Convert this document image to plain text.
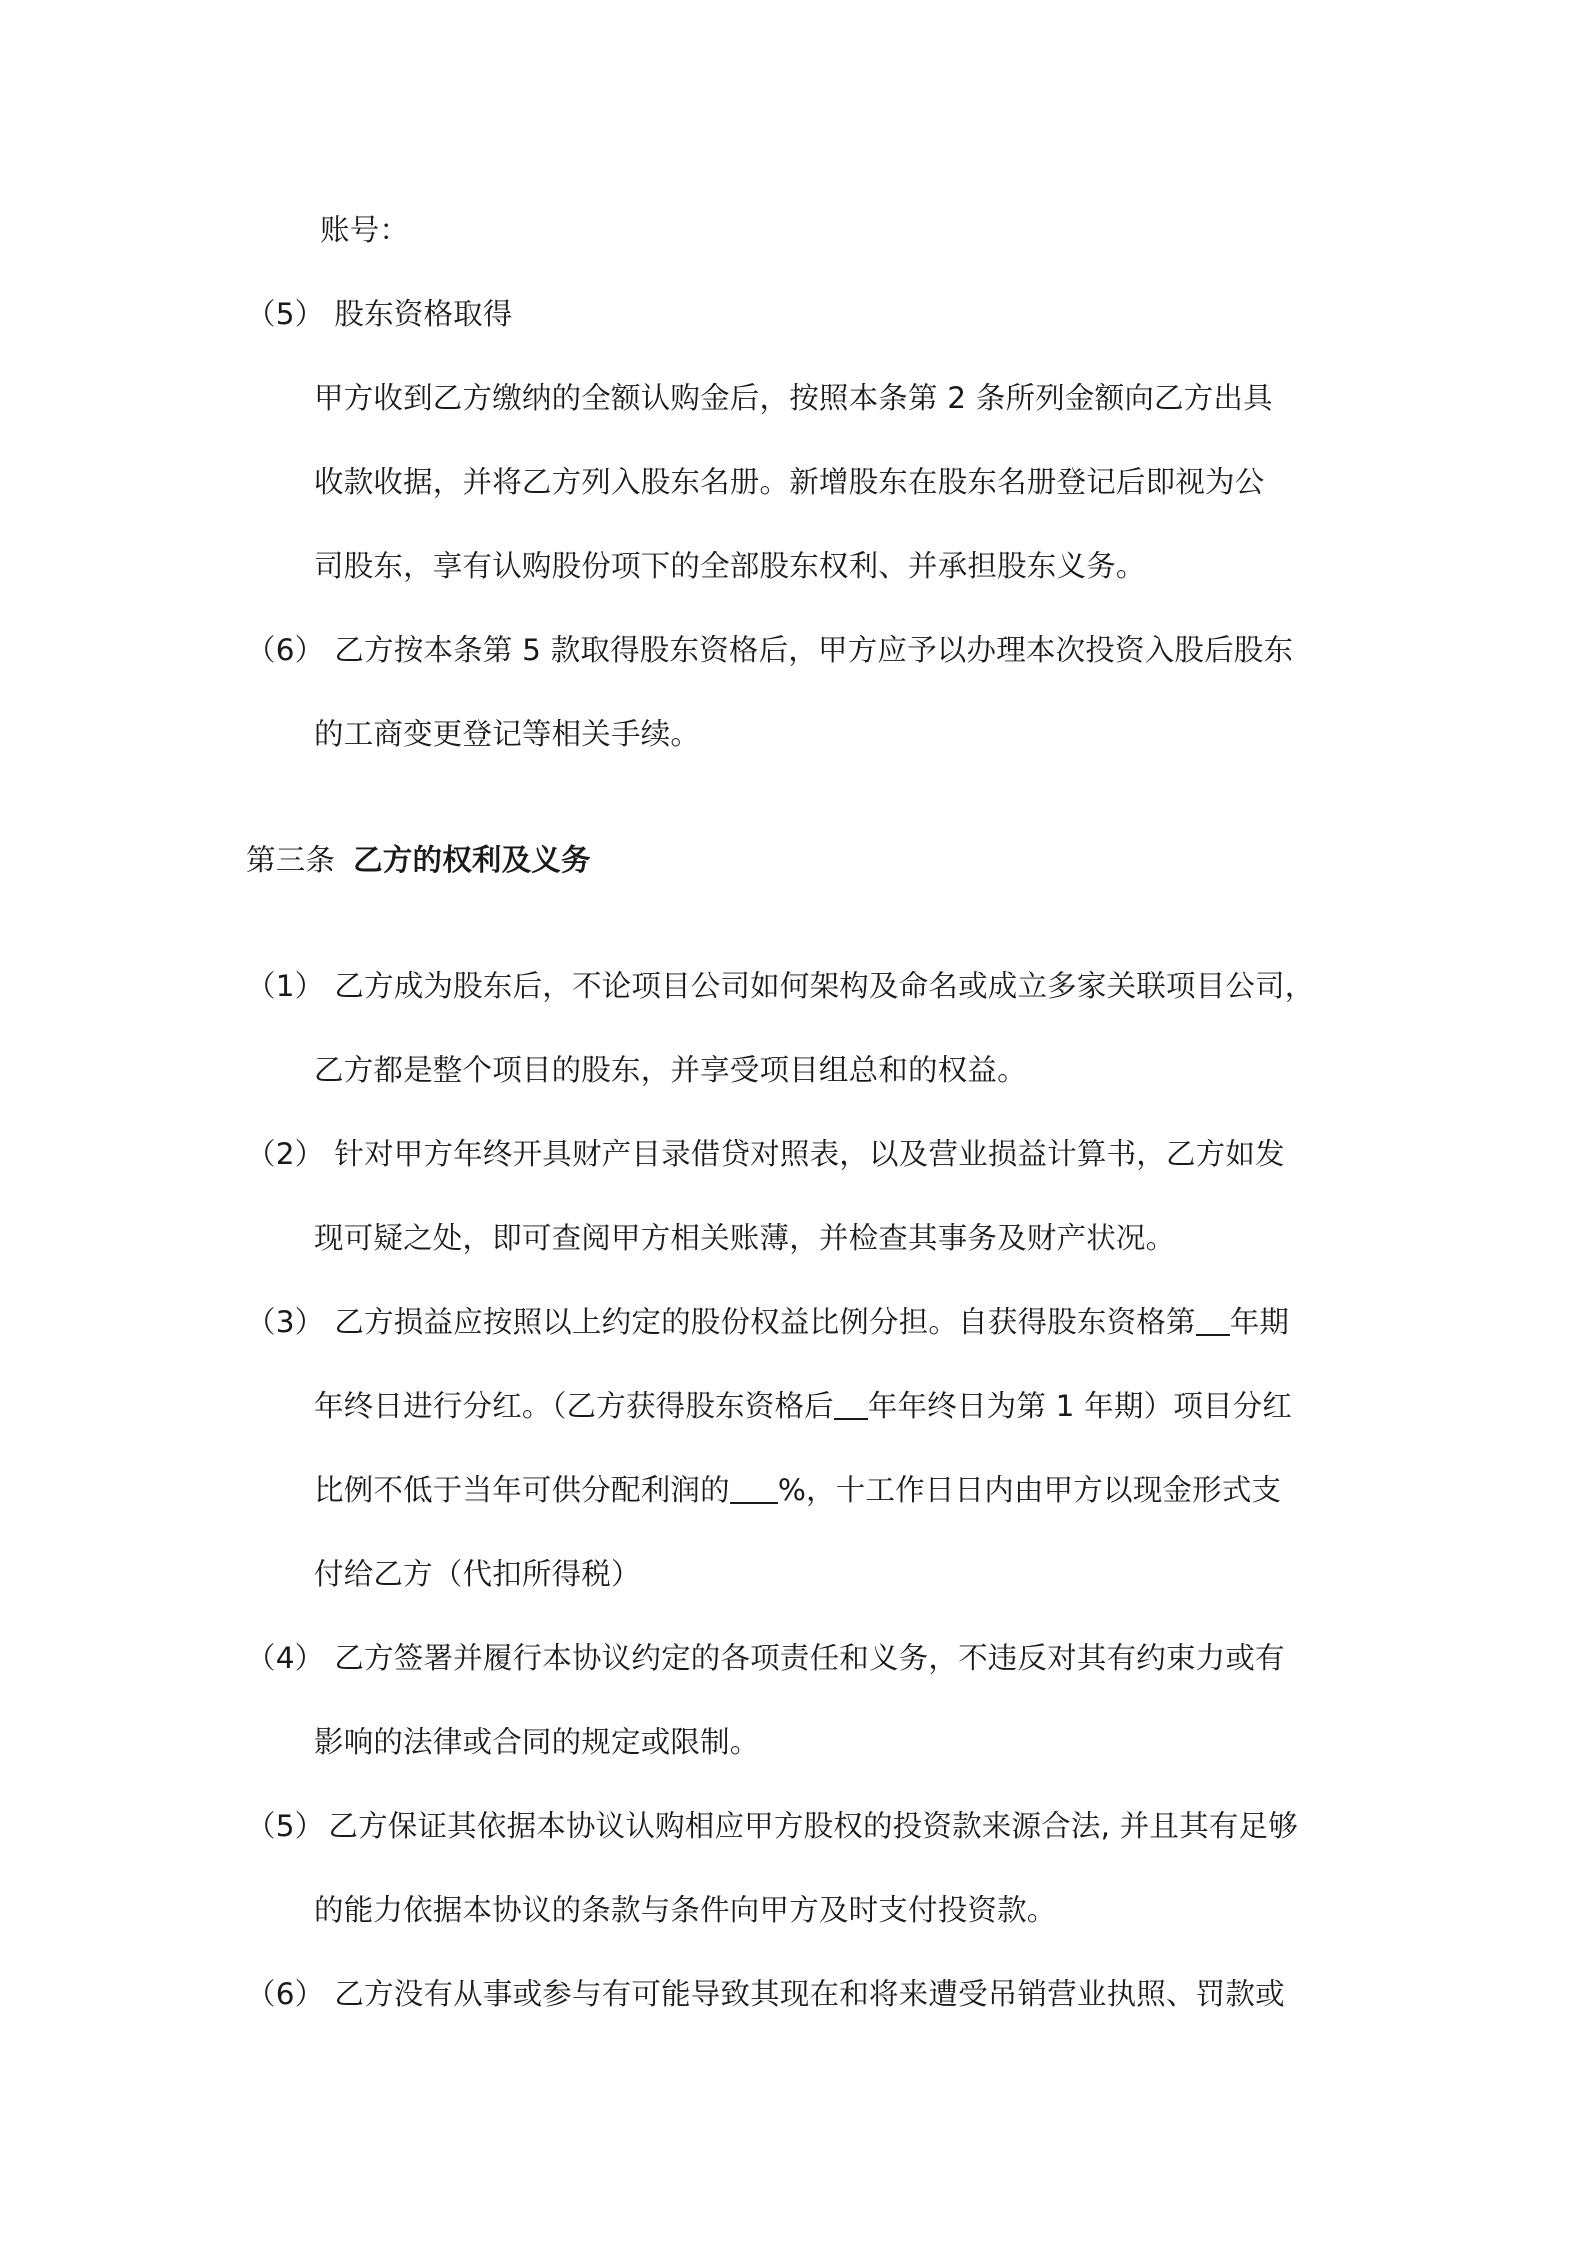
账号：
（5） 股东资格取得
甲方收到乙方缴纳的全额认购金后，按照本条第 2 条所列金额向乙方出具
收款收据，并将乙方列入股东名册。新增股东在股东名册登记后即视为公
司股东，享有认购股份项下的全部股东权利、并承担股东义务。
（6） 乙方按本条第 5 款取得股东资格后，甲方应予以办理本次投资入股后股东
的工商变更登记等相关手续。
第三条 乙方的权利及义务
（1） 乙方成为股东后，不论项目公司如何架构及命名或成立多家关联项目公司，
乙方都是整个项目的股东，并享受项目组总和的权益。
（2） 针对甲方年终开具财产目录借贷对照表，以及营业损益计算书，乙方如发
现可疑之处，即可查阅甲方相关账薄，并检查其事务及财产状况。
（3） 乙方损益应按照以上约定的股份权益比例分担。自获得股东资格第 年期
年终日进行分红。（乙方获得股东资格后 年年终日为第 1 年期）项目分红
比例不低于当年可供分配利润的 %，十工作日日内由甲方以现金形式支
付给乙方（代扣所得税）
（4） 乙方签署并履行本协议约定的各项责任和义务，不违反对其有约束力或有
影响的法律或合同的规定或限制。
（5） 乙方保证其依据本协议认购相应甲方股权的投资款来源合法, 并且其有足够
的能力依据本协议的条款与条件向甲方及时支付投资款。
（6） 乙方没有从事或参与有可能导致其现在和将来遭受吊销营业执照、罚款或
